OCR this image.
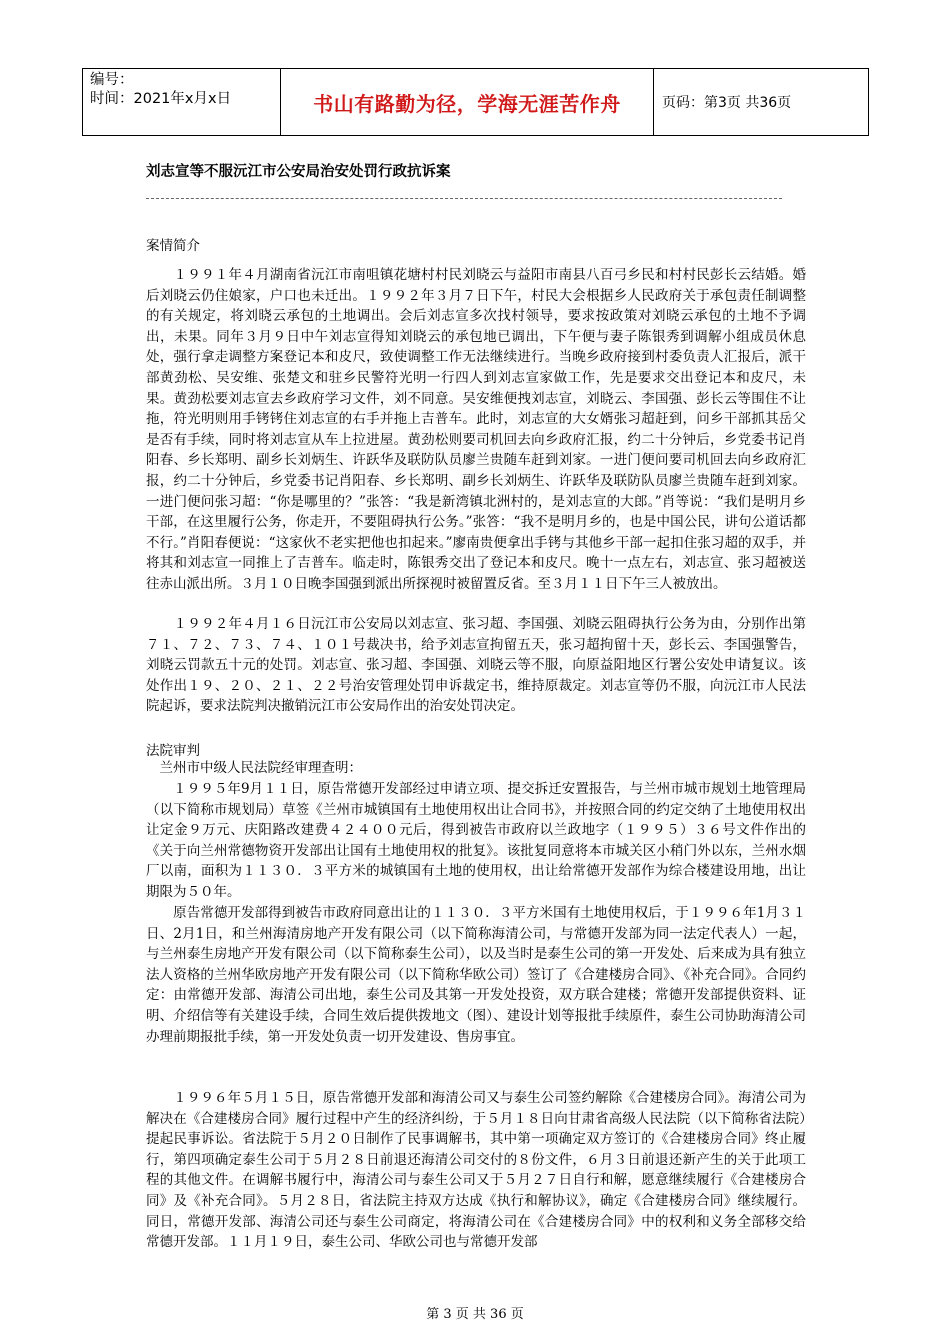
编号：
时间：2021年x月x日	书山有路勤为径，学海无涯苦作舟	页码：第3页 共36页
刘志宣等不服沅江市公安局治安处罚行政抗诉案
案情简介
　　１９９１年４月湖南省沅江市南咀镇花塘村村民刘晓云与益阳市南县八百弓乡民和村村民彭长云结婚。婚后刘晓云仍住娘家，户口也未迁出。１９９２年３月７日下午，村民大会根据乡人民政府关于承包责任制调整的有关规定，将刘晓云承包的土地调出。会后刘志宣多次找村领导，要求按政策对刘晓云承包的土地不予调出，未果。同年３月９日中午刘志宣得知刘晓云的承包地已调出，下午便与妻子陈银秀到调解小组成员休息处，强行拿走调整方案登记本和皮尺，致使调整工作无法继续进行。当晚乡政府接到村委负责人汇报后，派干部黄劲松、吴安维、张楚文和驻乡民警符光明一行四人到刘志宣家做工作，先是要求交出登记本和皮尺，未果。黄劲松要刘志宣去乡政府学习文件，刘不同意。吴安维便拽刘志宣，刘晓云、李国强、彭长云等围住不让拖，符光明则用手铐铐住刘志宣的右手并拖上吉普车。此时，刘志宣的大女婿张习超赶到，问乡干部抓其岳父是否有手续，同时将刘志宣从车上拉进屋。黄劲松则要司机回去向乡政府汇报，约二十分钟后，乡党委书记肖阳春、乡长郑明、副乡长刘炳生、许跃华及联防队员廖兰贵随车赶到刘家。一进门便问要司机回去向乡政府汇报，约二十分钟后，乡党委书记肖阳春、乡长郑明、副乡长刘炳生、许跃华及联防队员廖兰贵随车赶到刘家。一进门便问张习超：“你是哪里的？”张答：“我是新湾镇北洲村的，是刘志宣的大郎。”肖等说：“我们是明月乡干部，在这里履行公务，你走开，不要阻碍执行公务。”张答：“我不是明月乡的，也是中国公民，讲句公道话都不行。”肖阳春便说：“这家伙不老实把他也扣起来。”廖南贵便拿出手铐与其他乡干部一起扣住张习超的双手，并将其和刘志宣一同推上了吉普车。临走时，陈银秀交出了登记本和皮尺。晚十一点左右，刘志宣、张习超被送往赤山派出所。３月１０日晚李国强到派出所探视时被留置反省。至３月１１日下午三人被放出。
　　１９９２年４月１６日沅江市公安局以刘志宣、张习超、李国强、刘晓云阻碍执行公务为由，分别作出第７１、７２、７３、７４、１０１号裁决书，给予刘志宣拘留五天，张习超拘留十天，彭长云、李国强警告，刘晓云罚款五十元的处罚。刘志宣、张习超、李国强、刘晓云等不服，向原益阳地区行署公安处申请复议。该处作出１９、２０、２１、２２号治安管理处罚申诉裁定书，维持原裁定。刘志宣等仍不服，向沅江市人民法院起诉，要求法院判决撤销沅江市公安局作出的治安处罚决定。
法院审判
　兰州市中级人民法院经审理查明：
　　１９９５年9月１１日，原告常德开发部经过申请立项、提交拆迁安置报告，与兰州市城市规划土地管理局（以下简称市规划局）草签《兰州市城镇国有土地使用权出让合同书》，并按照合同的约定交纳了土地使用权出让定金９万元、庆阳路改建费４２４００元后，得到被告市政府以兰政地字（１９９５）３６号文件作出的《关于向兰州常德物资开发部出让国有土地使用权的批复》。该批复同意将本市城关区小稍门外以东，兰州水烟厂以南，面积为１１３０．３平方米的城镇国有土地的使用权，出让给常德开发部作为综合楼建设用地，出让期限为５０年。
　　原告常德开发部得到被告市政府同意出让的１１３０．３平方米国有土地使用权后，于１９９６年1月３１日、2月1日，和兰州海清房地产开发有限公司（以下简称海清公司，与常德开发部为同一法定代表人）一起，与兰州泰生房地产开发有限公司（以下简称泰生公司），以及当时是泰生公司的第一开发处、后来成为具有独立法人资格的兰州华欧房地产开发有限公司（以下简称华欧公司）签订了《合建楼房合同》、《补充合同》。合同约定：由常德开发部、海清公司出地，泰生公司及其第一开发处投资，双方联合建楼；常德开发部提供资料、证明、介绍信等有关建设手续，合同生效后提供拨地文（图）、建设计划等报批手续原件，泰生公司协助海清公司办理前期报批手续，第一开发处负责一切开发建设、售房事宜。
　　１９９６年５月１５日，原告常德开发部和海清公司又与泰生公司签约解除《合建楼房合同》。海清公司为解决在《合建楼房合同》履行过程中产生的经济纠纷，于５月１８日向甘肃省高级人民法院（以下简称省法院）提起民事诉讼。省法院于５月２０日制作了民事调解书，其中第一项确定双方签订的《合建楼房合同》终止履行，第四项确定泰生公司于５月２８日前退还海清公司交付的８份文件，６月３日前退还新产生的关于此项工程的其他文件。在调解书履行中，海清公司与泰生公司又于５月２７日自行和解，愿意继续履行《合建楼房合同》及《补充合同》。５月２８日，省法院主持双方达成《执行和解协议》，确定《合建楼房合同》继续履行。同日，常德开发部、海清公司还与泰生公司商定，将海清公司在《合建楼房合同》中的权利和义务全部移交给常德开发部。１１月１９日，泰生公司、华欧公司也与常德开发部
第 3 页 共 36 页
